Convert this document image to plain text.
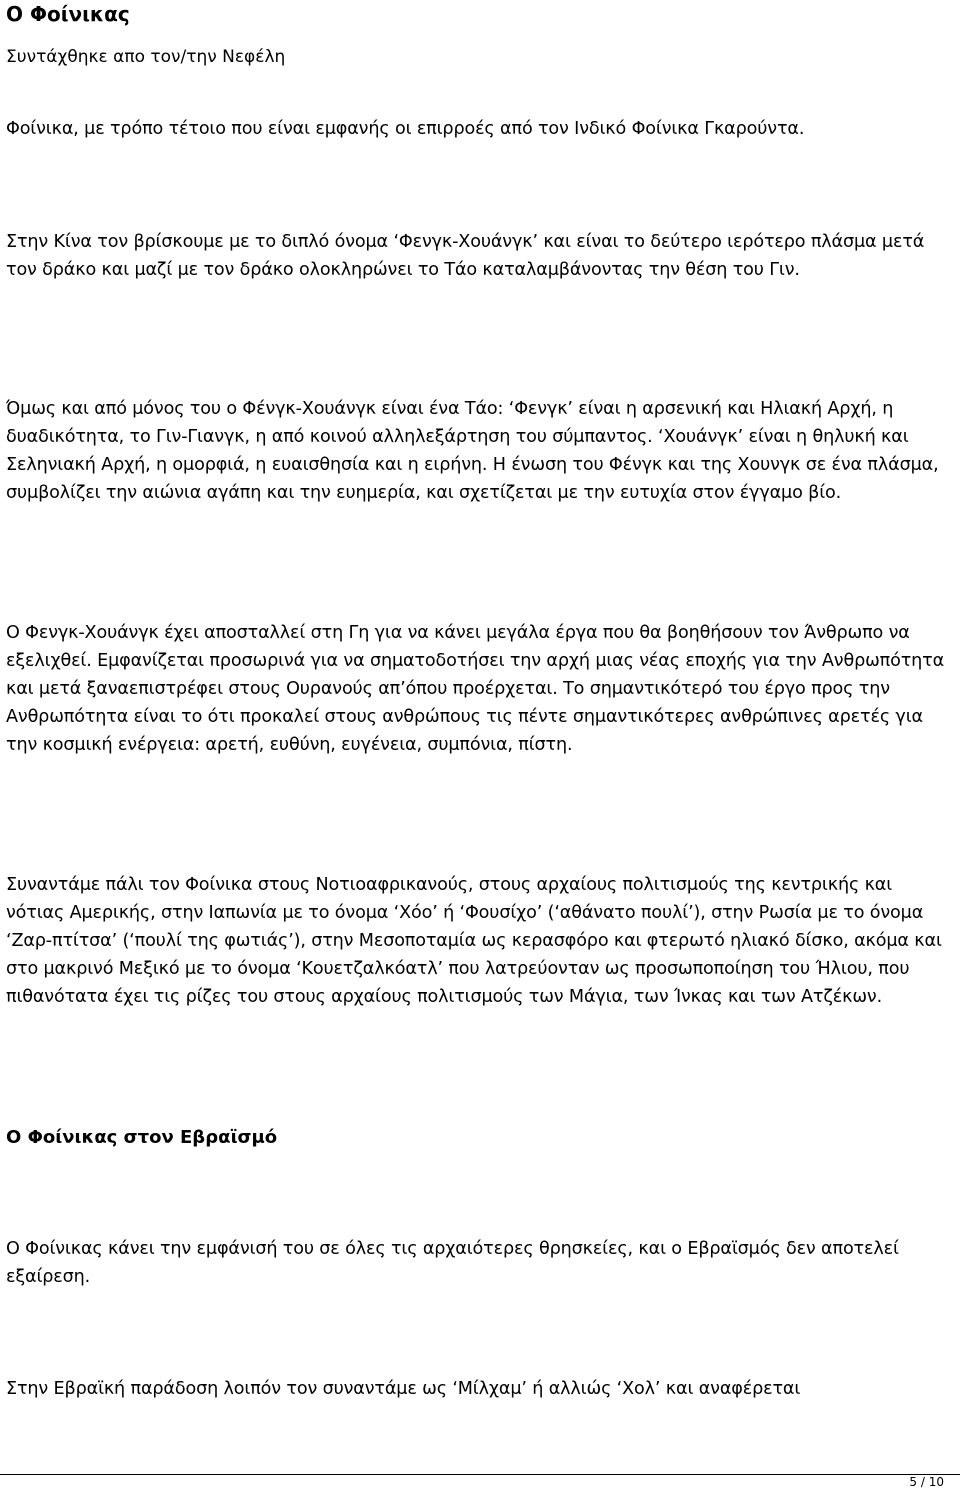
Ο Φοίνικας

Συντάχθηκε απο τον/την Νεφέλη

Φοίνικα, με τρόπο τέτοιο που είναι εμφανής οι επιρροές από τον Ινδικό Φοίνικα Γκαρούντα.

Στην Κίνα τον βρίσκουμε με το διπλό όνομα ‘Φενγκ-Χουάνγκ’ και είναι το δεύτερο ιερότερο πλάσμα μετά τον δράκο και μαζί με τον δράκο ολοκληρώνει το Τάο καταλαμβάνοντας την θέση του Γιν.

Όμως και από μόνος του ο Φένγκ-Χουάνγκ είναι ένα Τάο: ‘Φενγκ’ είναι η αρσενική και Ηλιακή Αρχή, η δυαδικότητα, το Γιν-Γιανγκ, η από κοινού αλληλεξάρτηση του σύμπαντος. ‘Χουάνγκ’ είναι η θηλυκή και Σεληνιακή Αρχή, η ομορφιά, η ευαισθησία και η ειρήνη. Η ένωση του Φένγκ και της Χουνγκ σε ένα πλάσμα, συμβολίζει την αιώνια αγάπη και την ευημερία, και σχετίζεται με την ευτυχία στον έγγαμο βίο.

Ο Φενγκ-Χουάνγκ έχει αποσταλλεί στη Γη για να κάνει μεγάλα έργα που θα βοηθήσουν τον Άνθρωπο να εξελιχθεί. Εμφανίζεται προσωρινά για να σηματοδοτήσει την αρχή μιας νέας εποχής για την Ανθρωπότητα και μετά ξαναεπιστρέφει στους Ουρανούς απ’όπου προέρχεται. Το σημαντικότερό του έργο προς την Ανθρωπότητα είναι το ότι προκαλεί στους ανθρώπους τις πέντε σημαντικότερες ανθρώπινες αρετές για την κοσμική ενέργεια: αρετή, ευθύνη, ευγένεια, συμπόνια, πίστη.

Συναντάμε πάλι τον Φοίνικα στους Νοτιοαφρικανούς, στους αρχαίους πολιτισμούς της κεντρικής και νότιας Αμερικής, στην Ιαπωνία με το όνομα ‘Χόο’ ή ‘Φουσίχο’ (‘αθάνατο πουλί’), στην Ρωσία με το όνομα ‘Ζαρ-πτίτσα’ (‘πουλί της φωτιάς’), στην Μεσοποταμία ως κερασφόρο και φτερωτό ηλιακό δίσκο, ακόμα και στο μακρινό Μεξικό με το όνομα ‘Κουετζαλκόατλ’ που λατρεύονταν ως προσωποποίηση του Ήλιου, που πιθανότατα έχει τις ρίζες του στους αρχαίους πολιτισμούς των Μάγια, των Ίνκας και των Ατζέκων.

Ο Φοίνικας στον Εβραϊσμό

Ο Φοίνικας κάνει την εμφάνισή του σε όλες τις αρχαιότερες θρησκείες, και ο Εβραϊσμός δεν αποτελεί εξαίρεση.

Στην Εβραϊκή παράδοση λοιπόν τον συναντάμε ως ‘Μίλχαμ’ ή αλλιώς ‘Χολ’ και αναφέρεται

5 / 10
